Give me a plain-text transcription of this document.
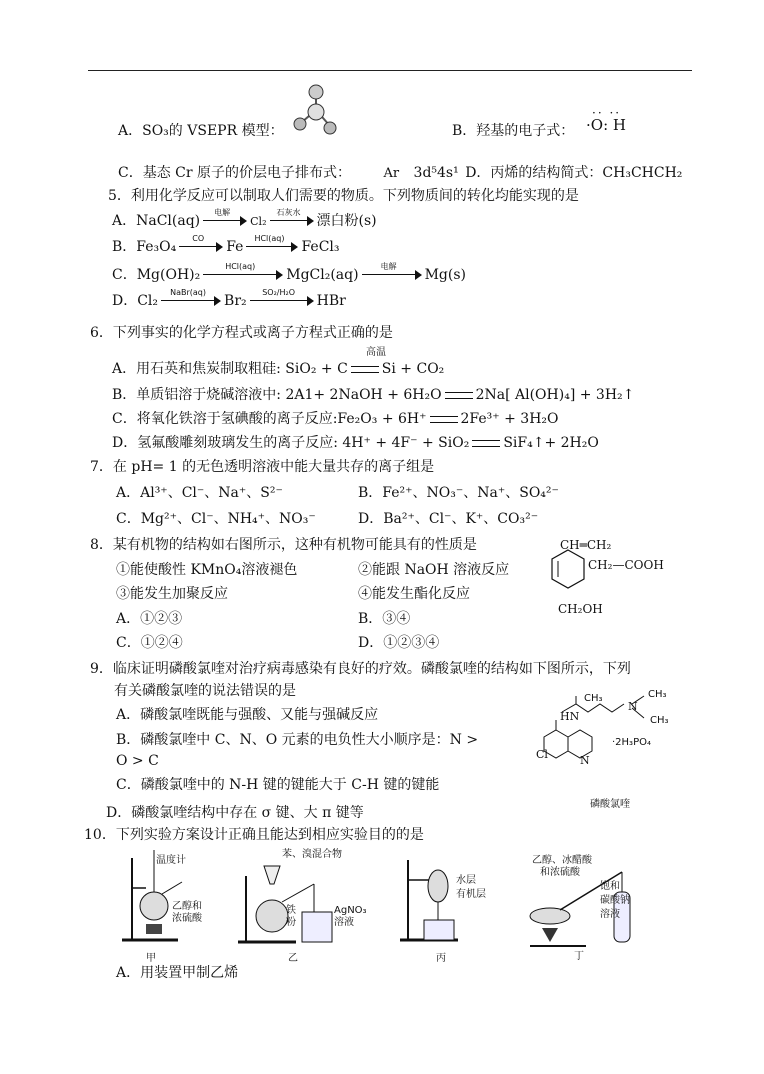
A．SO₃的 VSEPR 模型：	B．羟基的电子式：
·· ··
·O: H
C．基态 Cr 原子的价层电子排布式： Ar 3d⁵4s¹ D．丙烯的结构简式：CH₃CHCH₂
5．利用化学反应可以制取人们需要的物质。下列物质间的转化均能实现的是
A．NaCl(aq)
电解
Cl₂
石灰水
漂白粉(s)
B．Fe₃O₄
CO
Fe
HCl(aq)
FeCl₃
C．Mg(OH)₂
HCl(aq)
MgCl₂(aq)
电解
Mg(s)
D．Cl₂
NaBr(aq)
Br₂
SO₂/H₂O
HBr
6．下列事实的化学方程式或离子方程式正确的是
高温
A．用石英和焦炭制取粗硅: SiO₂ + C Si + CO₂
B．单质铝溶于烧碱溶液中: 2A1+ 2NaOH + 6H₂O 2Na[ Al(OH)₄] + 3H₂↑
C．将氧化铁溶于氢碘酸的离子反应:Fe₂O₃ + 6H⁺ 2Fe³⁺ + 3H₂O
D．氢氟酸雕刻玻璃发生的离子反应: 4H⁺ + 4F⁻ + SiO₂ SiF₄↑+ 2H₂O
7．在 pH= 1 的无色透明溶液中能大量共存的离子组是
A．Al³⁺、Cl⁻、Na⁺、S²⁻	B．Fe²⁺、NO₃⁻、Na⁺、SO₄²⁻
C．Mg²⁺、Cl⁻、NH₄⁺、NO₃⁻	D．Ba²⁺、Cl⁻、K⁺、CO₃²⁻
8．某有机物的结构如右图所示，这种有机物可能具有的性质是
①能使酸性 KMnO₄溶液褪色	②能跟 NaOH 溶液反应
③能发生加聚反应	④能发生酯化反应
A．①②③	B．③④
C．①②④	D．①②③④
CH═CH₂
CH₂—COOH
CH₂OH
9．临床证明磷酸氯喹对治疗病毒感染有良好的疗效。磷酸氯喹的结构如下图所示，下列
有关磷酸氯喹的说法错误的是
A．磷酸氯喹既能与强酸、又能与强碱反应
B．磷酸氯喹中 C、N、O 元素的电负性大小顺序是：N >
O > C
C．磷酸氯喹中的 N-H 键的键能大于 C-H 键的键能
D．磷酸氯喹结构中存在 σ 键、大 π 键等
CH₃
HN
CH₃
CH₃
N
·2H₃PO₄
Cl	N
磷酸氯喹
10．下列实验方案设计正确且能达到相应实验目的的是
温度计
乙醇和
浓硫酸
甲
苯、溴混合物
铁
粉
AgNO₃
溶液
乙
水层
有机层
丙
乙醇、冰醋酸
和浓硫酸
饱和
碳酸钠
溶液
丁
A．用装置甲制乙烯
